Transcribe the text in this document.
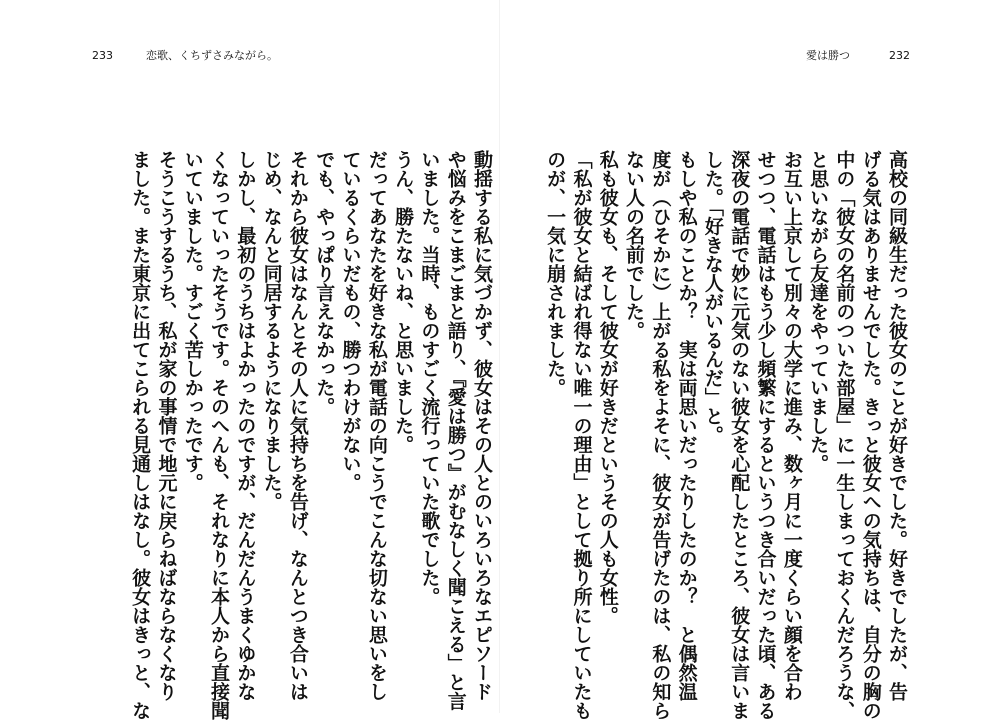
233	恋歌、くちずさみながら。	愛は勝つ	232
高校の同級生だった彼女のことが好きでした。好きでしたが、告
げる気はありませんでした。きっと彼女への気持ちは、自分の胸の
中の「彼女の名前のついた部屋」に一生しまっておくんだろうな、
と思いながら友達をやっていました。
お互い上京して別々の大学に進み、数ヶ月に一度くらい顔を合わ
せつつ、電話はもう少し頻繁にするというつき合いだった頃、ある
深夜の電話で妙に元気のない彼女を心配したところ、彼女は言いま
した。「好きな人がいるんだ」と。
もしや私のことか？　実は両思いだったりしたのか？　と偶然温
度が（ひそかに）上がる私をよそに、彼女が告げたのは、私の知ら
ない人の名前でした。
私も彼女も、そして彼女が好きだというその人も女性。
「私が彼女と結ばれ得ない唯一の理由」として拠り所にしていたも
のが、一気に崩されました。
動揺する私に気づかず、彼女はその人とのいろいろなエピソード
や悩みをこまごまと語り、『愛は勝つ』がむなしく聞こえる」と言
いました。当時、ものすごく流行っていた歌でした。
うん、勝たないね、と思いました。
だってあなたを好きな私が電話の向こうでこんな切ない思いをし
ているくらいだもの、勝つわけがない。
でも、やっぱり言えなかった。
それから彼女はなんとその人に気持ちを告げ、なんとつき合いは
じめ、なんと同居するようになりました。
しかし、最初のうちはよかったのですが、だんだんうまくゆかな
くなっていったそうです。そのへんも、それなりに本人から直接聞
いていました。すごく苦しかったです。
そうこうするうち、私が家の事情で地元に戻らねばならなくなり
ました。また東京に出てこられる見通しはなし。彼女はきっと、な
